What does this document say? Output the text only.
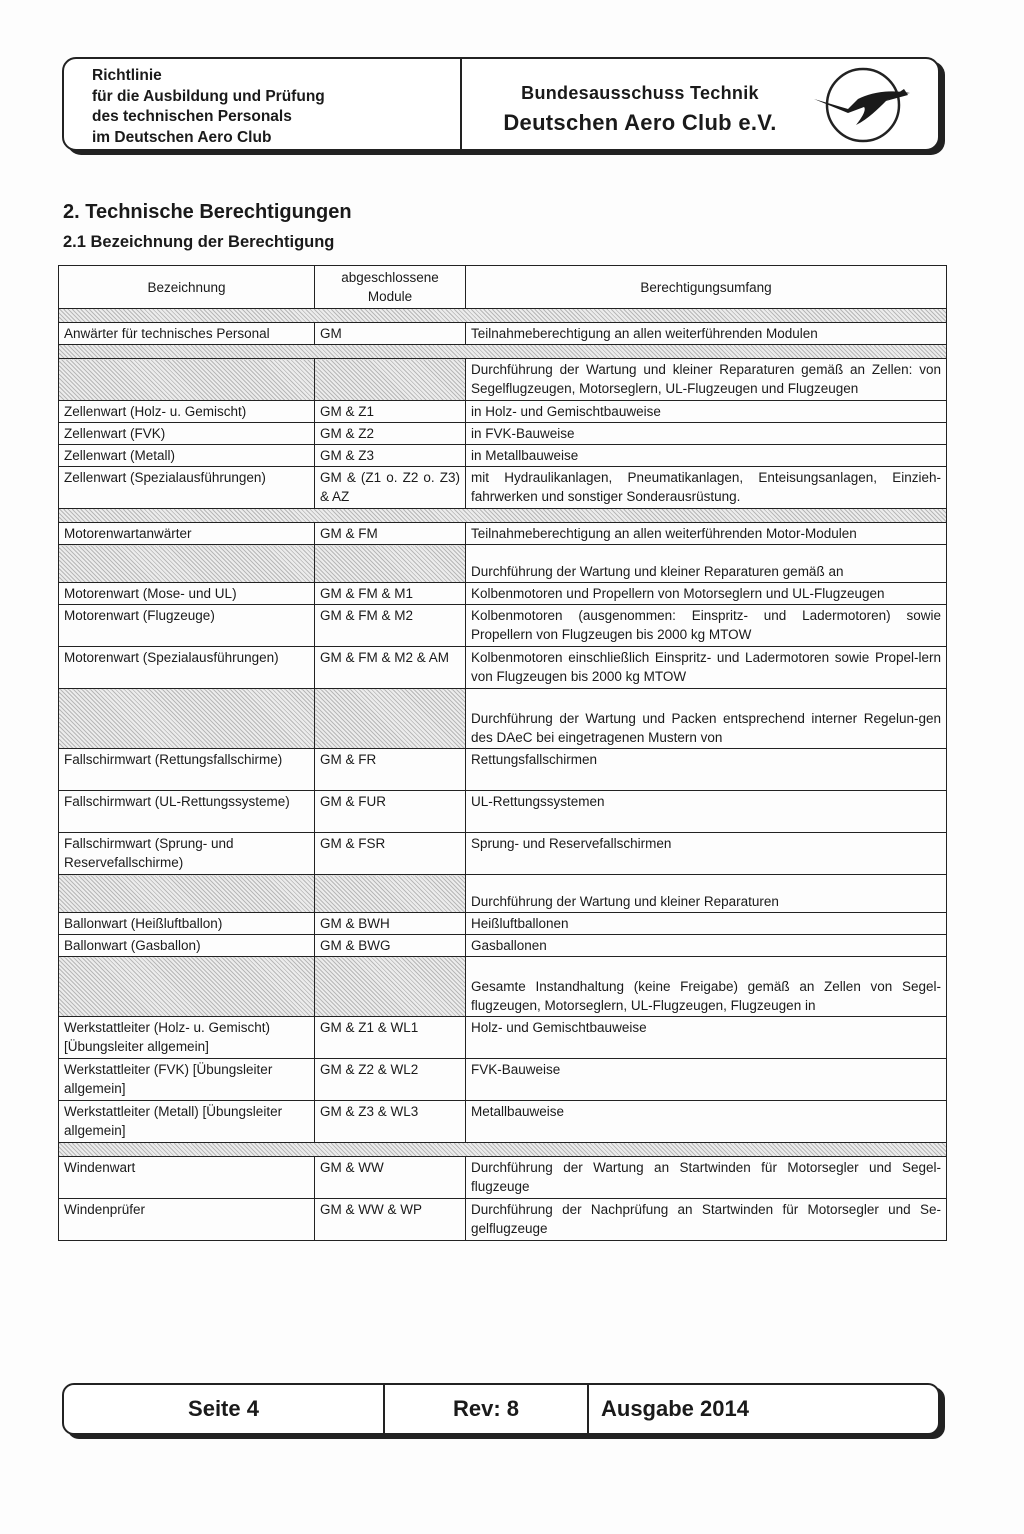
Richtlinie
für die Ausbildung und Prüfung
des technischen Personals
im Deutschen Aero Club
Bundesausschuss Technik
Deutschen Aero Club e.V.
2. Technische Berechtigungen
2.1 Bezeichnung der Berechtigung
Bezeichnung	abgeschlossene Module	Berechtigungsumfang

Anwärter für technisches Personal	GM	Teilnahmeberechtigung an allen weiterführenden Modulen

		Durchführung der Wartung und kleiner Reparaturen gemäß an Zellen: von Segelflugzeugen, Motorseglern, UL-Flugzeugen und Flugzeugen
Zellenwart (Holz- u. Gemischt)	GM & Z1	in Holz- und Gemischtbauweise
Zellenwart (FVK)	GM & Z2	in FVK-Bauweise
Zellenwart (Metall)	GM & Z3	in Metallbauweise
Zellenwart (Spezialausführungen)	GM & (Z1 o. Z2 o. Z3) & AZ	mit Hydraulikanlagen, Pneumatikanlagen, Enteisungsanlagen, Einzieh-fahrwerken und sonstiger Sonderausrüstung.

Motorenwartanwärter	GM & FM	Teilnahmeberechtigung an allen weiterführenden Motor-Modulen
		Durchführung der Wartung und kleiner Reparaturen gemäß an
Motorenwart (Mose- und UL)	GM & FM & M1	Kolbenmotoren und Propellern von Motorseglern und UL-Flugzeugen
Motorenwart (Flugzeuge)	GM & FM & M2	Kolbenmotoren (ausgenommen: Einspritz- und Ladermotoren) sowie Propellern von Flugzeugen bis 2000 kg MTOW
Motorenwart (Spezialausführungen)	GM & FM & M2 & AM	Kolbenmotoren einschließlich Einspritz- und Ladermotoren sowie Propel-lern von Flugzeugen bis 2000 kg MTOW
		Durchführung der Wartung und Packen entsprechend interner Regelun-gen des DAeC bei eingetragenen Mustern von
Fallschirmwart (Rettungsfallschirme)	GM & FR	Rettungsfallschirmen
Fallschirmwart (UL-Rettungssysteme)	GM & FUR	UL-Rettungssystemen
Fallschirmwart (Sprung- und Reservefallschirme)	GM & FSR	Sprung- und Reservefallschirmen
		Durchführung der Wartung und kleiner Reparaturen
Ballonwart (Heißluftballon)	GM & BWH	Heißluftballonen
Ballonwart (Gasballon)	GM & BWG	Gasballonen
		Gesamte Instandhaltung (keine Freigabe) gemäß an Zellen von Segel-flugzeugen, Motorseglern, UL-Flugzeugen, Flugzeugen in
Werkstattleiter (Holz- u. Gemischt) [Übungsleiter allgemein]	GM & Z1 & WL1	Holz- und Gemischtbauweise
Werkstattleiter (FVK) [Übungsleiter allgemein]	GM & Z2 & WL2	FVK-Bauweise
Werkstattleiter (Metall) [Übungsleiter allgemein]	GM & Z3 & WL3	Metallbauweise

Windenwart	GM & WW	Durchführung der Wartung an Startwinden für Motorsegler und Segel-flugzeuge
Windenprüfer	GM & WW & WP	Durchführung der Nachprüfung an Startwinden für Motorsegler und Se-gelflugzeuge
Seite 4	Rev: 8	Ausgabe 2014
